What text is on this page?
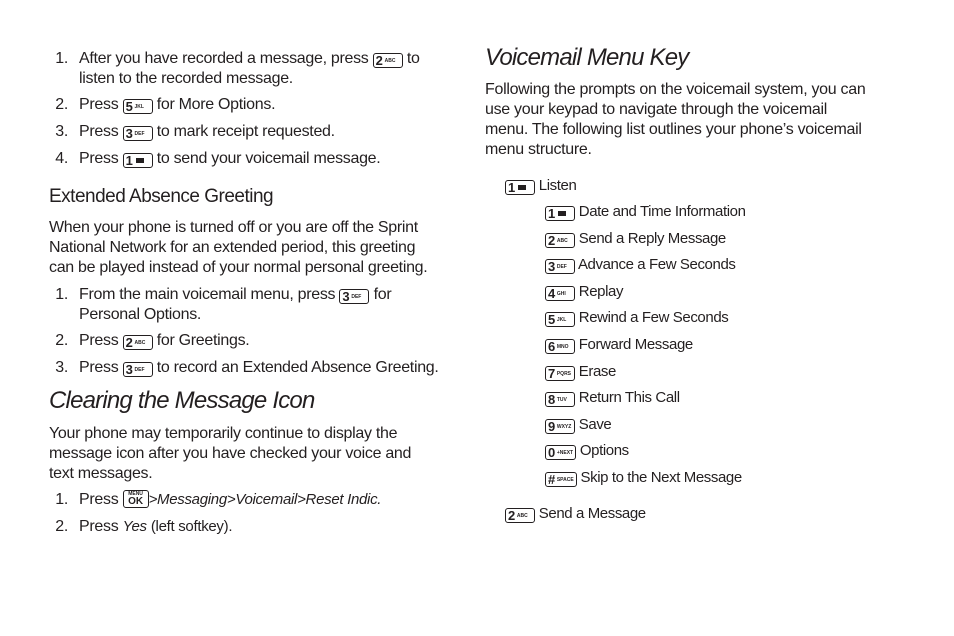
1. After you have recorded a message, press 2 $^{ABC}$ to
listen to the recorded message.
2. Press 5 $^{JKL}$ for More Options.
3. Press 3 $^{DEF}$ to mark receipt requested.
4. Press 1 to send your voicemail message.
Extended Absence Greeting
When your phone is turned off or you are off the Sprint
National Network for an extended period, this greeting
can be played instead of your normal personal greeting.
1. From the main voicemail menu, press 3 $^{DEF}$ for
Personal Options.
2. Press 2 $^{ABC}$ for Greetings.
3. Press 3 $^{DEF}$ to record an Extended Absence Greeting.
Clearing the Message Icon
Your phone may temporarily continue to display the
message icon after you have checked your voice and
text messages.
1. Press	MENU
OK >Messaging>Voicemail>Reset Indic.
2. Press Yes (left softkey).
Voicemail Menu Key
Following the prompts on the voicemail system, you can
use your keypad to navigate through the voicemail
menu. The following list outlines your phone’s voicemail
menu structure.
1 Listen
1 Date and Time Information
2 $^{ABC}$ Send a Reply Message
3 $^{DEF}$ Advance a Few Seconds
4 $^{GHI}$ Replay
5 $^{JKL}$ Rewind a Few Seconds
6 $^{MNO}$ Forward Message
7 $^{PQRS}$ Erase
8 $^{TUV}$ Return This Call
9 $^{WXYZ}$ Save
0 $^{+NEXT}$ Options
# $^{SPACE}$ Skip to the Next Message
2 $^{ABC}$ Send a Message
